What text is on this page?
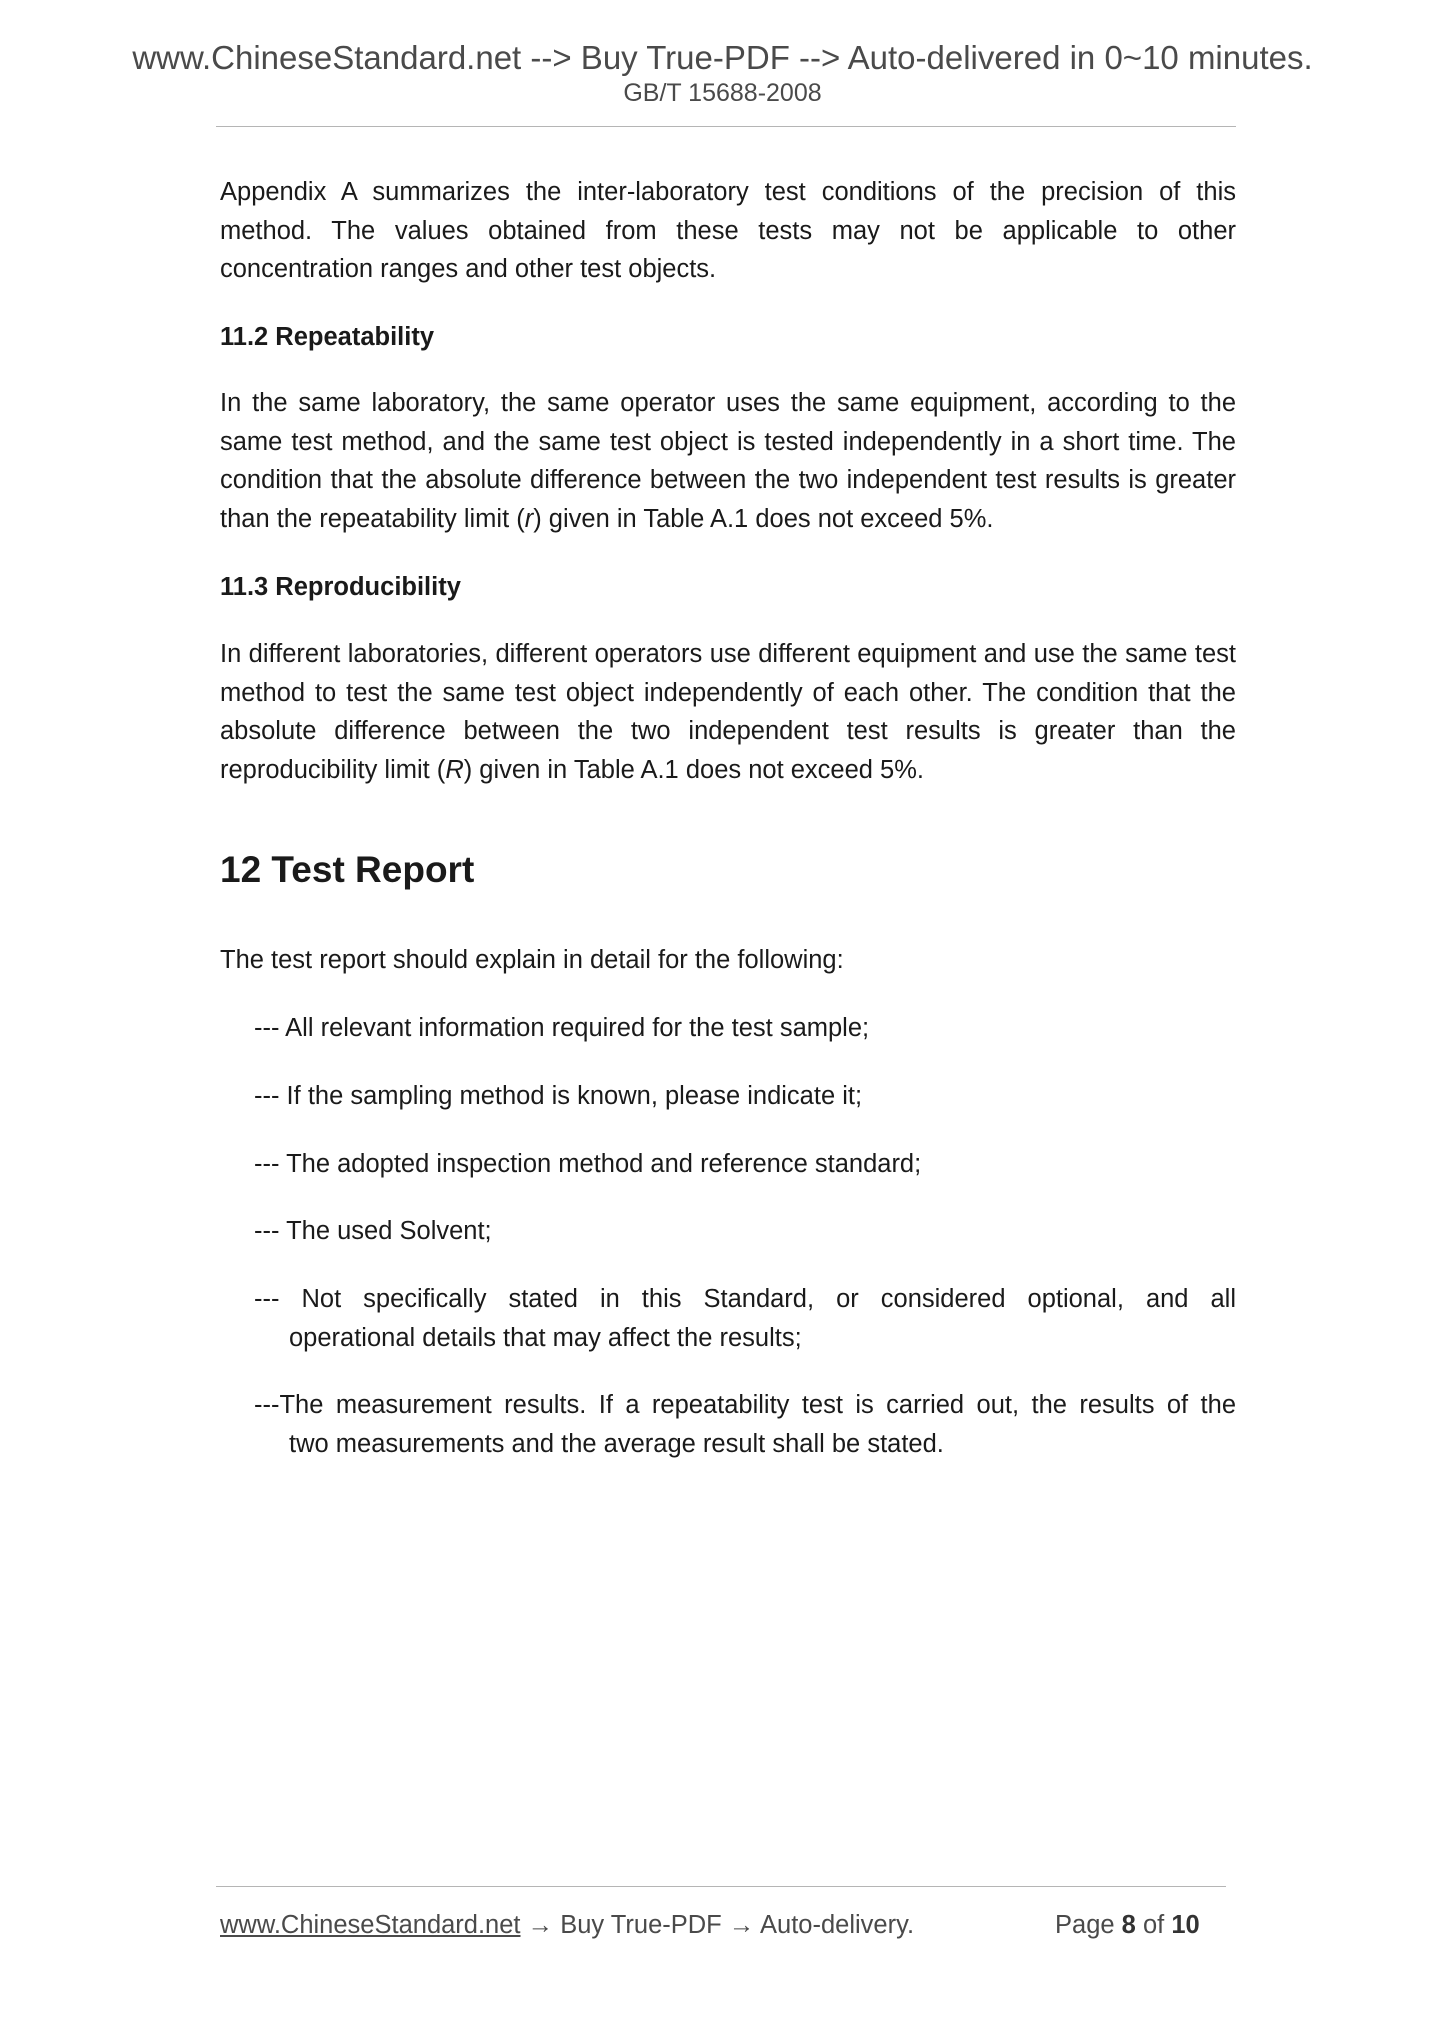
www.ChineseStandard.net --> Buy True-PDF --> Auto-delivered in 0~10 minutes.
GB/T 15688-2008

Appendix A summarizes the inter-laboratory test conditions of the precision of this method. The values obtained from these tests may not be applicable to other concentration ranges and other test objects.

11.2 Repeatability

In the same laboratory, the same operator uses the same equipment, according to the same test method, and the same test object is tested independently in a short time. The condition that the absolute difference between the two independent test results is greater than the repeatability limit (r) given in Table A.1 does not exceed 5%.

11.3 Reproducibility

In different laboratories, different operators use different equipment and use the same test method to test the same test object independently of each other. The condition that the absolute difference between the two independent test results is greater than the reproducibility limit (R) given in Table A.1 does not exceed 5%.

12 Test Report

The test report should explain in detail for the following:

--- All relevant information required for the test sample;
--- If the sampling method is known, please indicate it;
--- The adopted inspection method and reference standard;
--- The used Solvent;
--- Not specifically stated in this Standard, or considered optional, and all
operational details that may affect the results;
---The measurement results. If a repeatability test is carried out, the results of the
two measurements and the average result shall be stated.
www.ChineseStandard.net → Buy True-PDF → Auto-delivery.	Page 8 of 10
